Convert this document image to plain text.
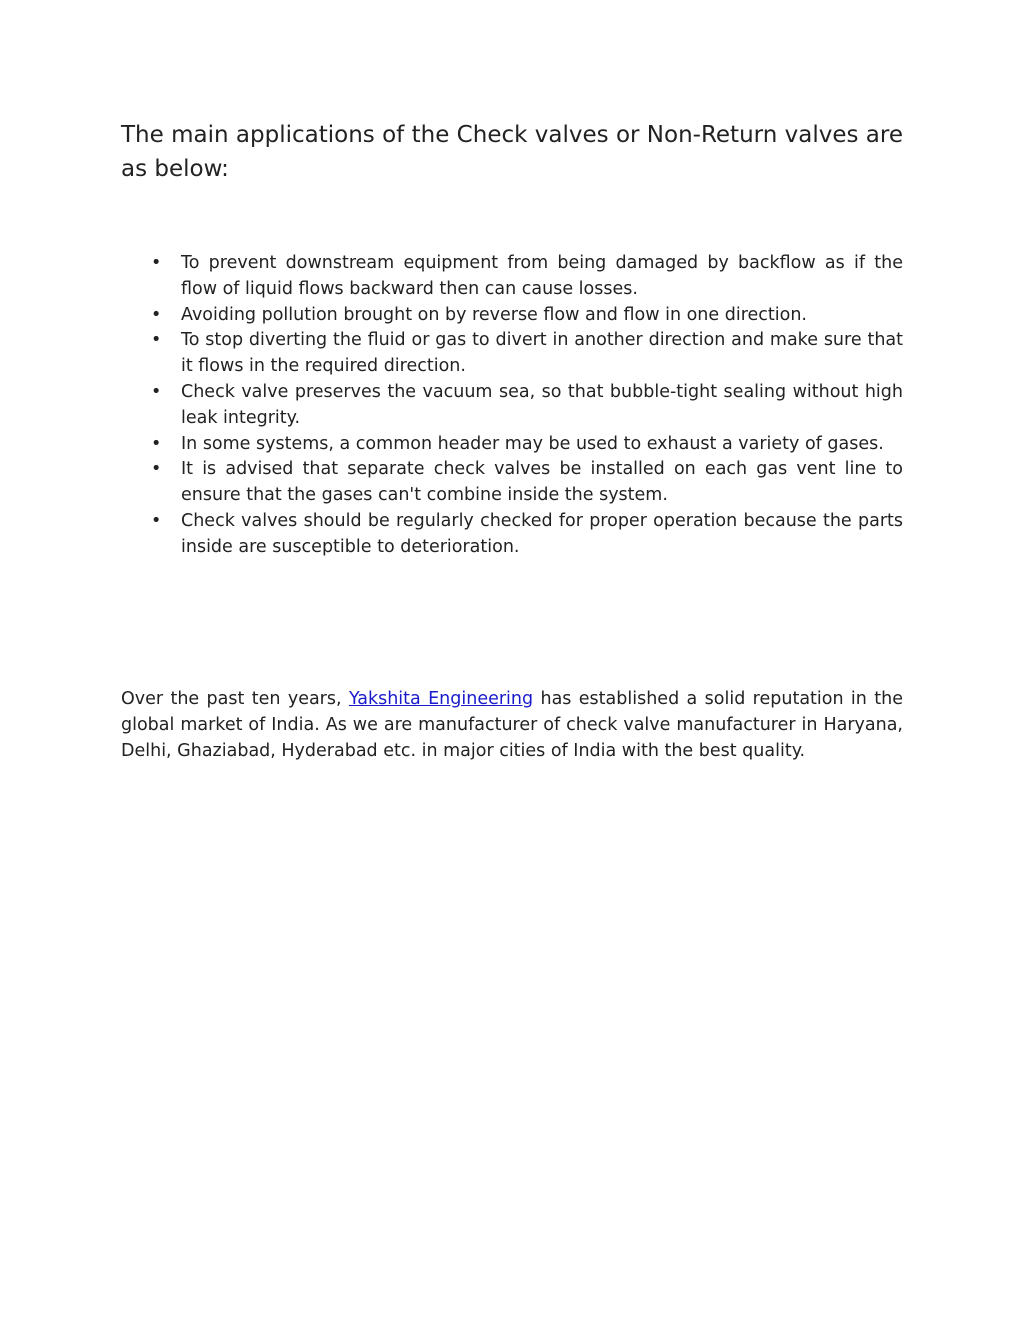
The main applications of the Check valves or Non-Return valves are as below:
• To prevent downstream equipment from being damaged by backflow as if the flow of liquid flows backward then can cause losses.
• Avoiding pollution brought on by reverse flow and flow in one direction.
• To stop diverting the fluid or gas to divert in another direction and make sure that it flows in the required direction.
• Check valve preserves the vacuum sea, so that bubble-tight sealing without high leak integrity.
• In some systems, a common header may be used to exhaust a variety of gases.
• It is advised that separate check valves be installed on each gas vent line to ensure that the gases can't combine inside the system.
• Check valves should be regularly checked for proper operation because the parts inside are susceptible to deterioration.

Over the past ten years, Yakshita Engineering has established a solid reputation in the global market of India. As we are manufacturer of check valve manufacturer in Haryana, Delhi, Ghaziabad, Hyderabad etc. in major cities of India with the best quality.
